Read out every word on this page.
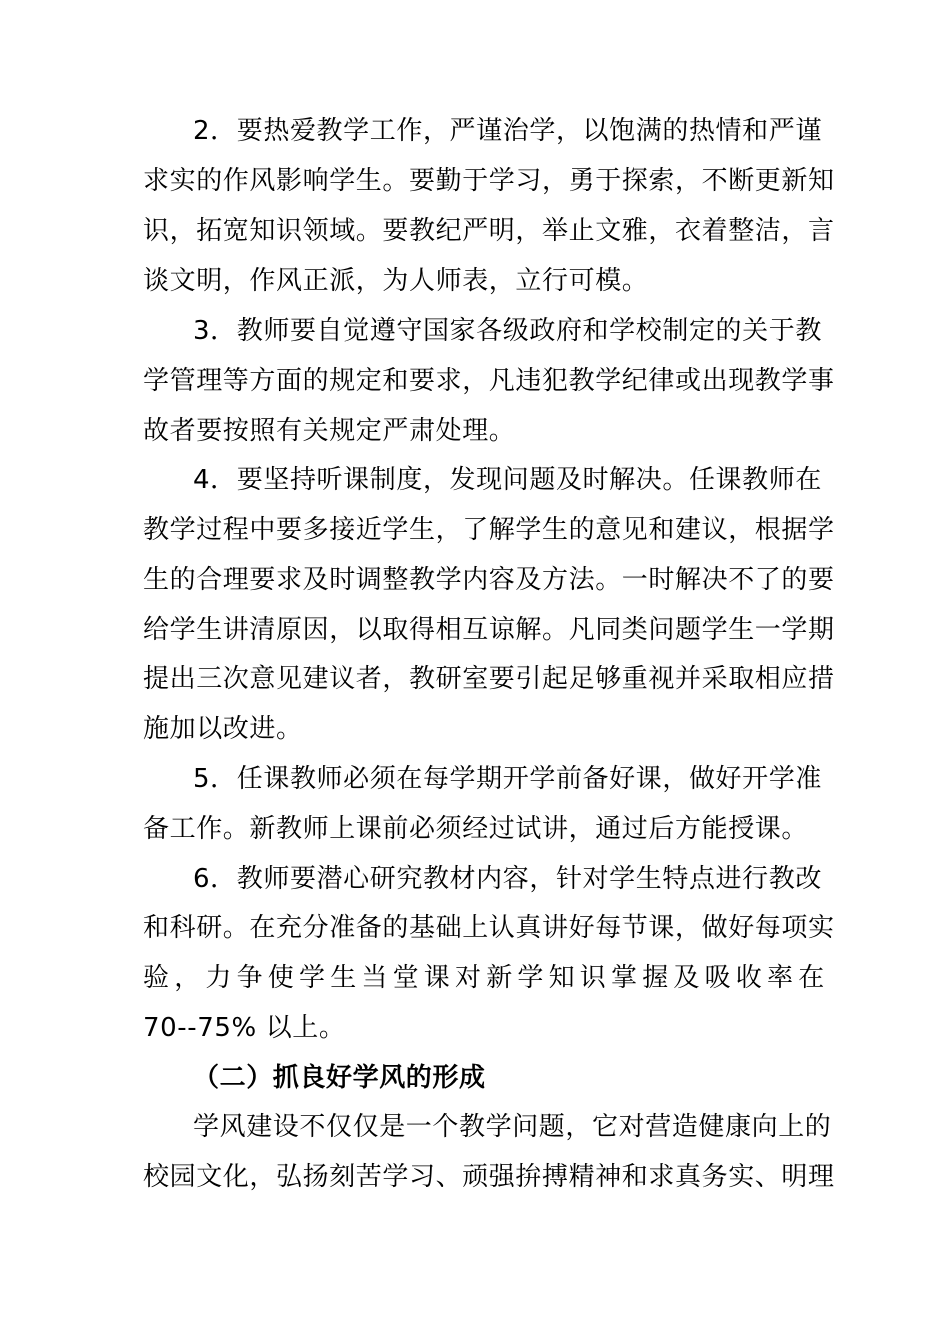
2．要热爱教学工作，严谨治学，以饱满的热情和严谨
求实的作风影响学生。要勤于学习，勇于探索，不断更新知
识，拓宽知识领域。要教纪严明，举止文雅，衣着整洁，言
谈文明，作风正派，为人师表，立行可模。
3．教师要自觉遵守国家各级政府和学校制定的关于教
学管理等方面的规定和要求，凡违犯教学纪律或出现教学事
故者要按照有关规定严肃处理。
4．要坚持听课制度，发现问题及时解决。任课教师在
教学过程中要多接近学生，了解学生的意见和建议，根据学
生的合理要求及时调整教学内容及方法。一时解决不了的要
给学生讲清原因，以取得相互谅解。凡同类问题学生一学期
提出三次意见建议者，教研室要引起足够重视并采取相应措
施加以改进。
5．任课教师必须在每学期开学前备好课，做好开学准
备工作。新教师上课前必须经过试讲，通过后方能授课。
6．教师要潜心研究教材内容，针对学生特点进行教改
和科研。在充分准备的基础上认真讲好每节课，做好每项实
验，力争使学生当堂课对新学知识掌握及吸收率在
70--75% 以上。
（二）抓良好学风的形成
学风建设不仅仅是一个教学问题，它对营造健康向上的
校园文化，弘扬刻苦学习、顽强拚搏精神和求真务实、明理
